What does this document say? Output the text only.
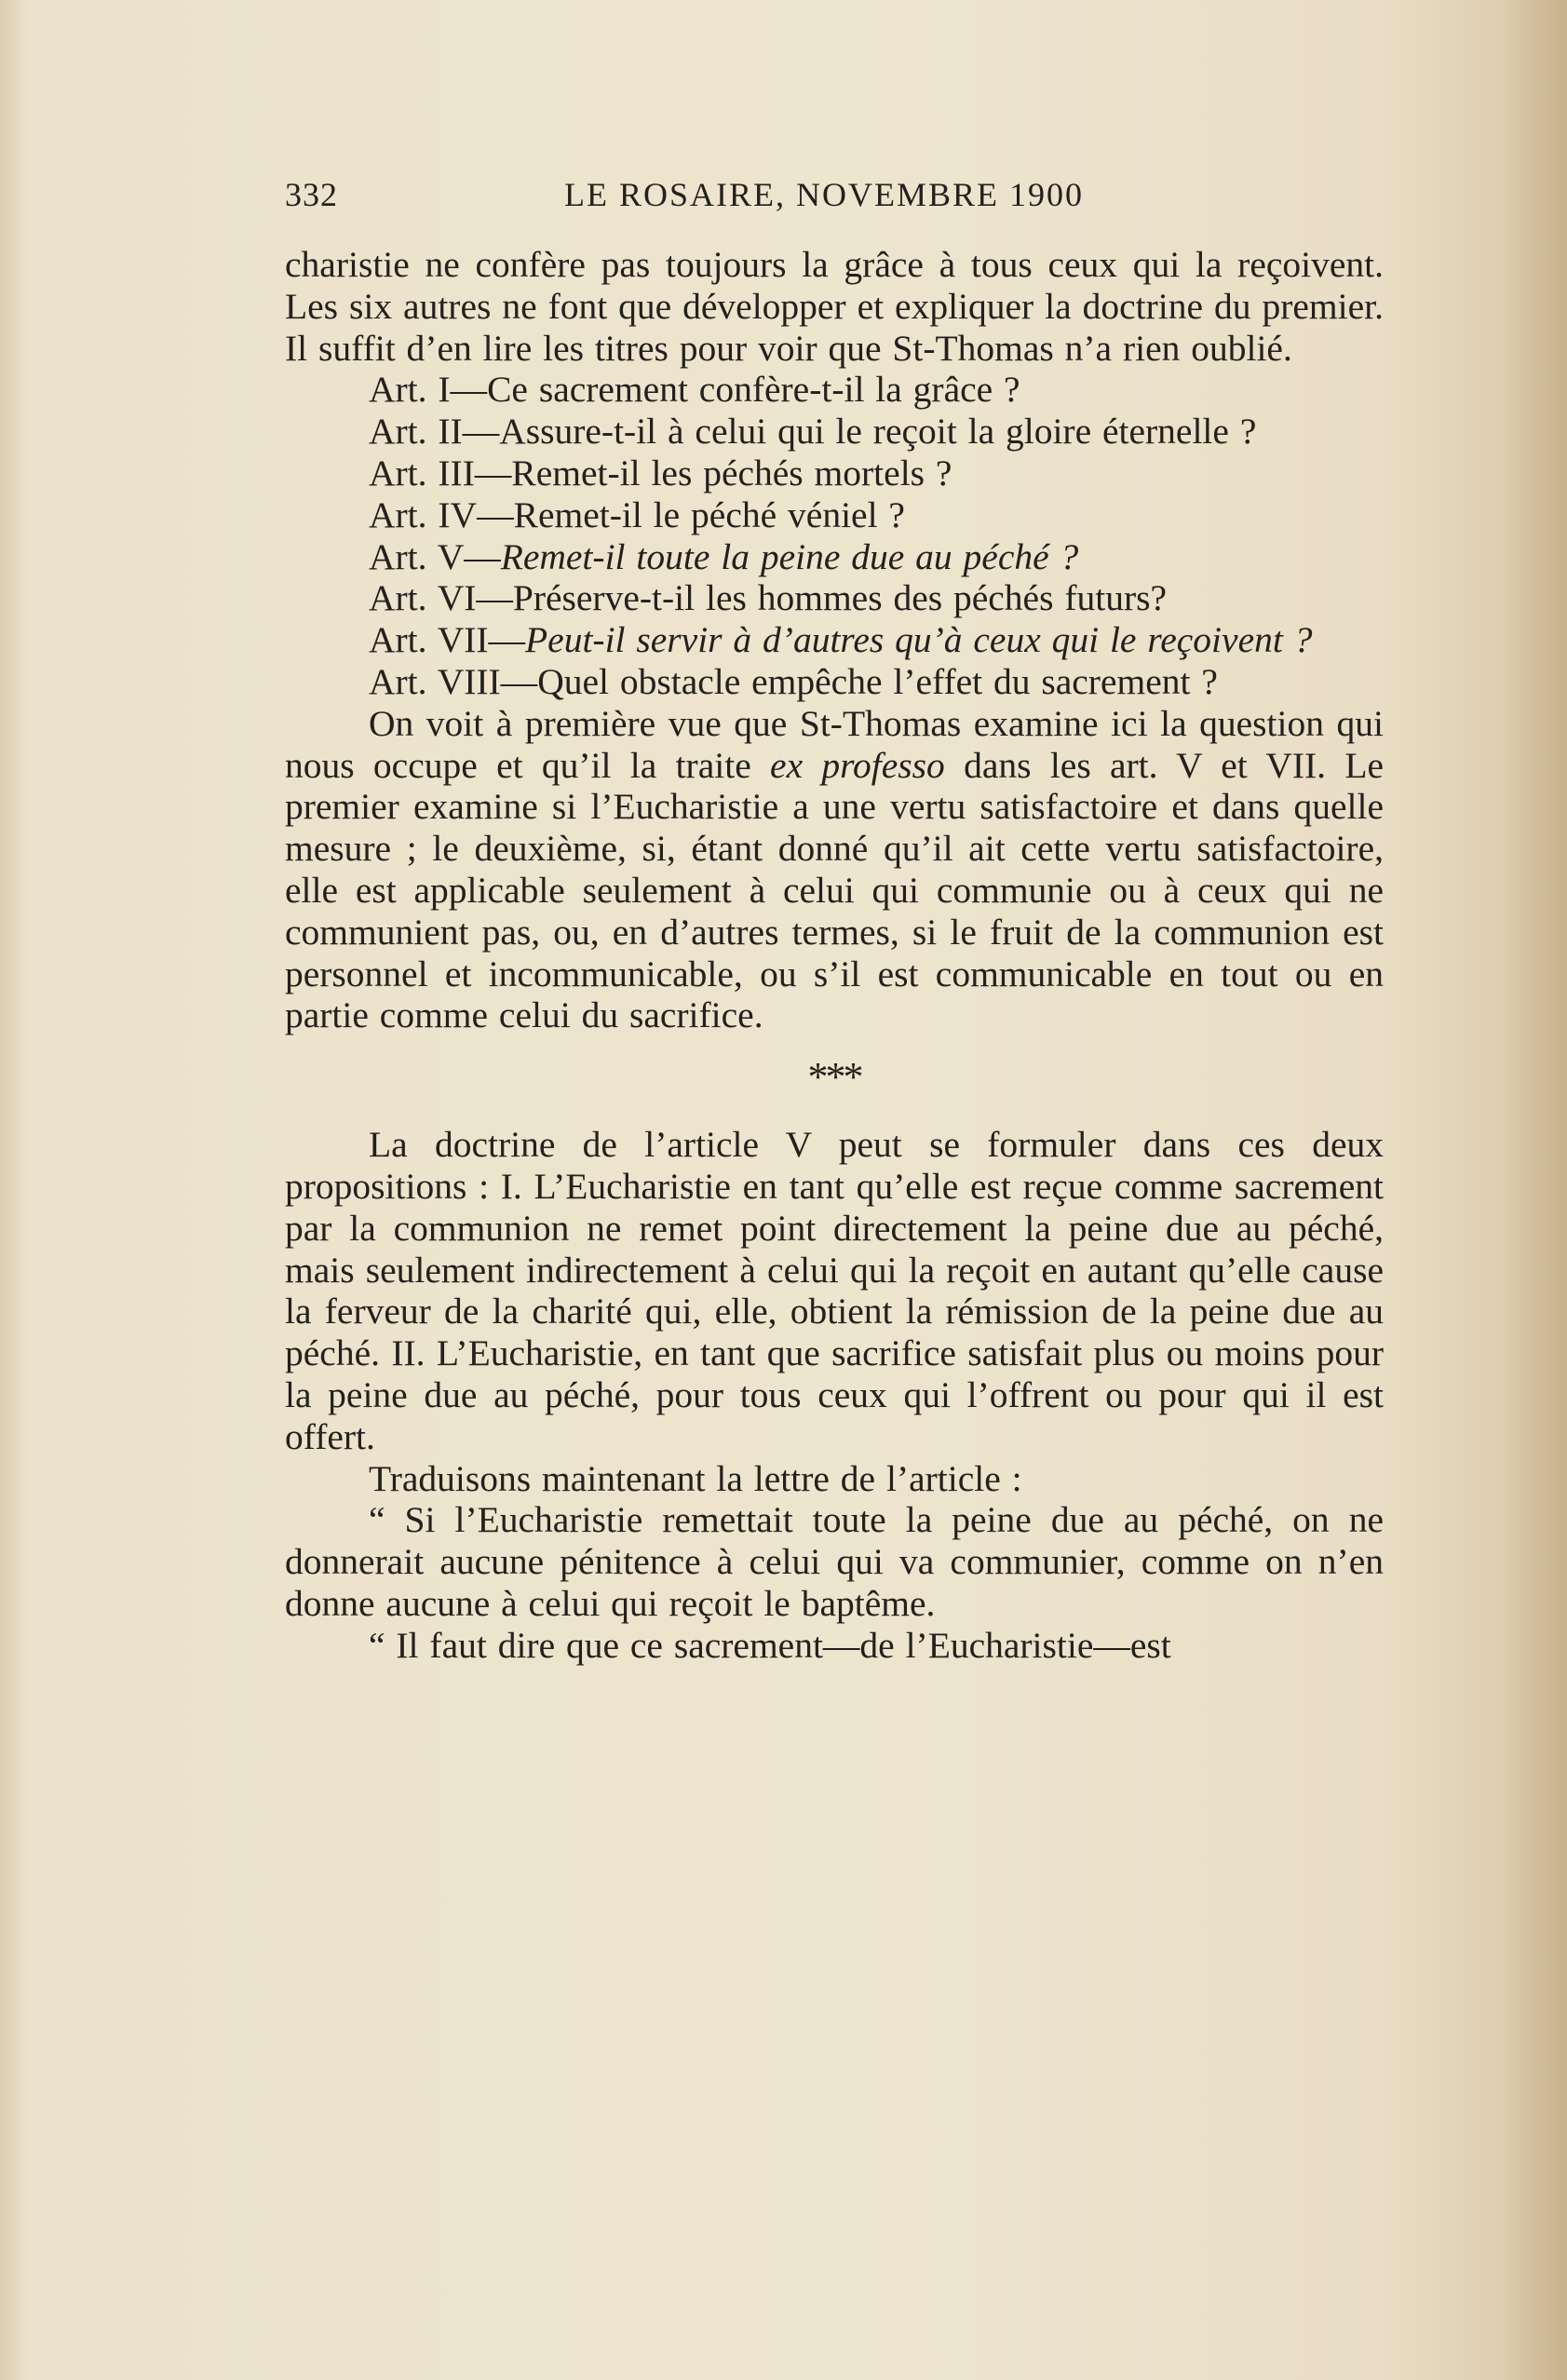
332	LE ROSAIRE, NOVEMBRE 1900

charistie ne confère pas toujours la grâce à tous ceux qui la reçoivent. Les six autres ne font que développer et expliquer la doctrine du premier. Il suffit d’en lire les titres pour voir que St-Thomas n’a rien oublié.

Art. I—Ce sacrement confère-t-il la grâce ?

Art. II—Assure-t-il à celui qui le reçoit la gloire éternelle ?

Art. III—Remet-il les péchés mortels ?

Art. IV—Remet-il le péché véniel ?

Art. V—Remet-il toute la peine due au péché ?

Art. VI—Préserve-t-il les hommes des péchés futurs?

Art. VII—Peut-il servir à d’autres qu’à ceux qui le reçoivent ?

Art. VIII—Quel obstacle empêche l’effet du sacrement ?

On voit à première vue que St-Thomas examine ici la question qui nous occupe et qu’il la traite ex professo dans les art. V et VII. Le premier examine si l’Eucharistie a une vertu satisfactoire et dans quelle mesure ; le deuxième, si, étant donné qu’il ait cette vertu satisfactoire, elle est applicable seulement à celui qui communie ou à ceux qui ne communient pas, ou, en d’autres termes, si le fruit de la communion est personnel et incommunicable, ou s’il est communicable en tout ou en partie comme celui du sacrifice.

***

La doctrine de l’article V peut se formuler dans ces deux propositions : I. L’Eucharistie en tant qu’elle est reçue comme sacrement par la communion ne remet point directement la peine due au péché, mais seulement indirectement à celui qui la reçoit en autant qu’elle cause la ferveur de la charité qui, elle, obtient la rémission de la peine due au péché. II. L’Eucharistie, en tant que sacrifice satisfait plus ou moins pour la peine due au péché, pour tous ceux qui l’offrent ou pour qui il est offert.

Traduisons maintenant la lettre de l’article :

“ Si l’Eucharistie remettait toute la peine due au péché, on ne donnerait aucune pénitence à celui qui va communier, comme on n’en donne aucune à celui qui reçoit le baptême.

“ Il faut dire que ce sacrement—de l’Eucharistie—est
